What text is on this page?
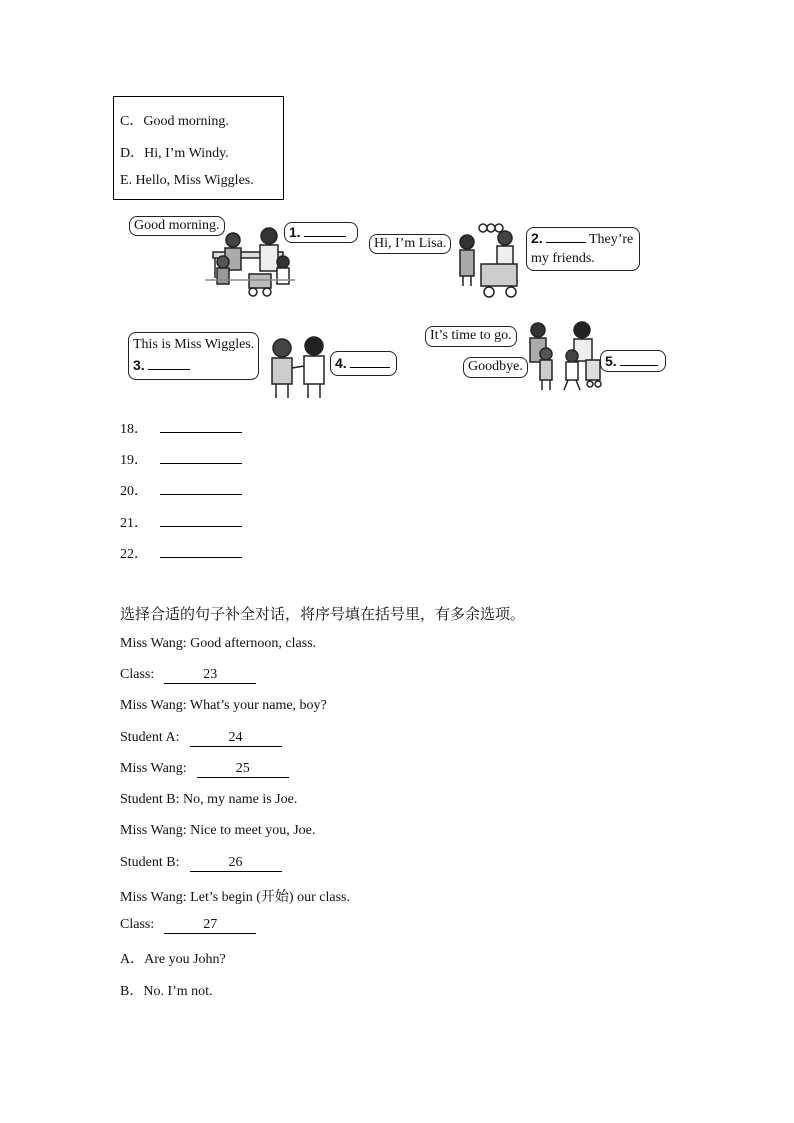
C．Good morning.
D．Hi, I’m Windy.
E. Hello, Miss Wiggles.
Good morning.	1.
Hi, I’m Lisa.	2.	They’re
my friends.
This is Miss Wiggles.
3.	4.
It’s time to go.
Goodbye.	5.
18．
19．
20．
21．
22．
选择合适的句子补全对话，将序号填在括号里，有多余选项。
Miss Wang: Good afternoon, class.
Class:	23
Miss Wang: What’s your name, boy?
Student A:	24
Miss Wang:	25
Student B: No, my name is Joe.
Miss Wang: Nice to meet you, Joe.
Student B:	26
Miss Wang: Let’s begin (开始) our class.
Class:	27
A．Are you John?
B．No. I’m not.
